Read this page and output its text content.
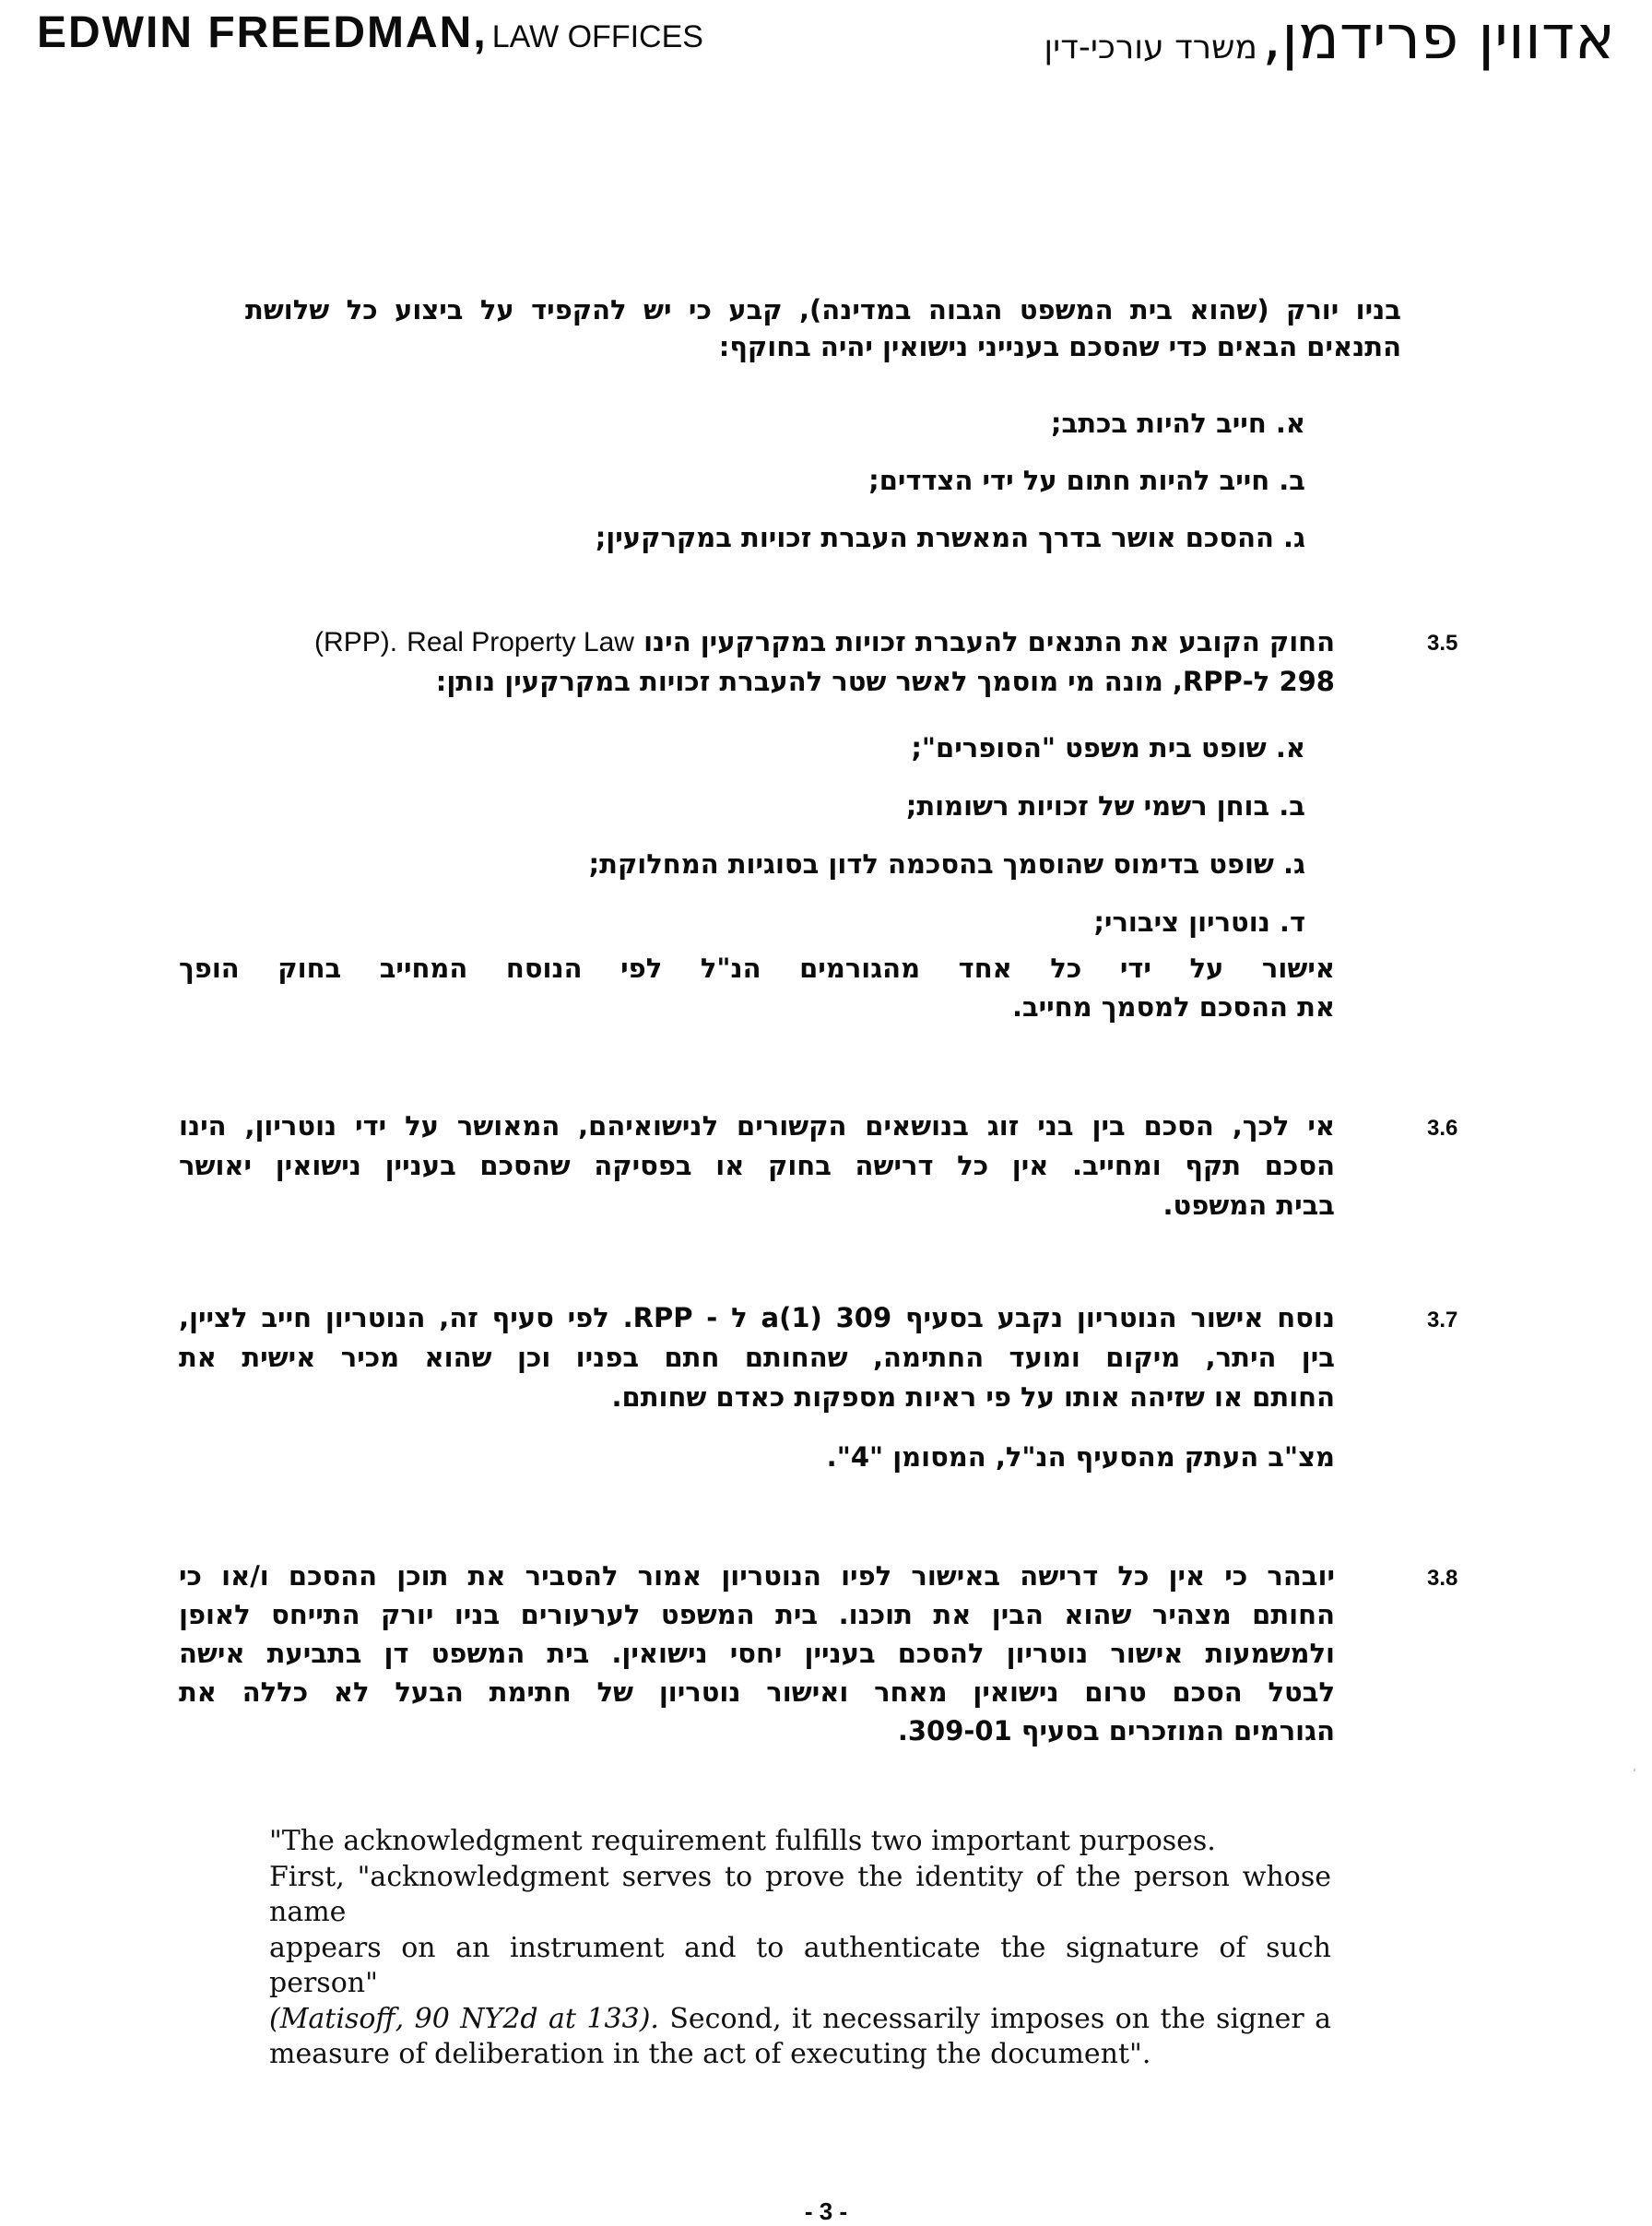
EDWIN FREEDMAN, LAW OFFICES	אדווין פרידמן, משרד עורכי-דין
בניו יורק (שהוא בית המשפט הגבוה במדינה), קבע כי יש להקפיד על ביצוע כל שלושת
התנאים הבאים כדי שהסכם בענייני נישואין יהיה בחוקף:
א. חייב להיות בכתב;
ב. חייב להיות חתום על ידי הצדדים;
ג. ההסכם אושר בדרך המאשרת העברת זכויות במקרקעין;
3.5
החוק הקובע את התנאים להעברת זכויות במקרקעין הינו Real Property Law (RPP).
298 ל-RPP, מונה מי מוסמך לאשר שטר להעברת זכויות במקרקעין נותן:
א. שופט בית משפט "הסופרים";
ב. בוחן רשמי של זכויות רשומות;
ג. שופט בדימוס שהוסמך בהסכמה לדון בסוגיות המחלוקת;
ד. נוטריון ציבורי;
אישור על ידי כל אחד מהגורמים הנ"ל לפי הנוסח המחייב בחוק הופך
את ההסכם למסמך מחייב.
3.6
אי לכך, הסכם בין בני זוג בנושאים הקשורים לנישואיהם, המאושר על ידי נוטריון, הינו
הסכם תקף ומחייב. אין כל דרישה בחוק או בפסיקה שהסכם בעניין נישואין יאושר
בבית המשפט.
3.7
נוסח אישור הנוטריון נקבע בסעיף 309 a(1) ל - RPP. לפי סעיף זה, הנוטריון חייב לציין,
בין היתר, מיקום ומועד החתימה, שהחותם חתם בפניו וכן שהוא מכיר אישית את
החותם או שזיהה אותו על פי ראיות מספקות כאדם שחותם.
מצ"ב העתק מהסעיף הנ"ל, המסומן "4".
3.8
יובהר כי אין כל דרישה באישור לפיו הנוטריון אמור להסביר את תוכן ההסכם ו/או כי
החותם מצהיר שהוא הבין את תוכנו. בית המשפט לערעורים בניו יורק התייחס לאופן
ולמשמעות אישור נוטריון להסכם בעניין יחסי נישואין. בית המשפט דן בתביעת אישה
לבטל הסכם טרום נישואין מאחר ואישור נוטריון של חתימת הבעל לא כללה את
הגורמים המוזכרים בסעיף 309-01.
"The acknowledgment requirement fulfills two important purposes.
First, "acknowledgment serves to prove the identity of the person whose name
appears on an instrument and to authenticate the signature of such person"
(Matisoff, 90 NY2d at 133). Second, it necessarily imposes on the signer a
measure of deliberation in the act of executing the document".
- 3 -
